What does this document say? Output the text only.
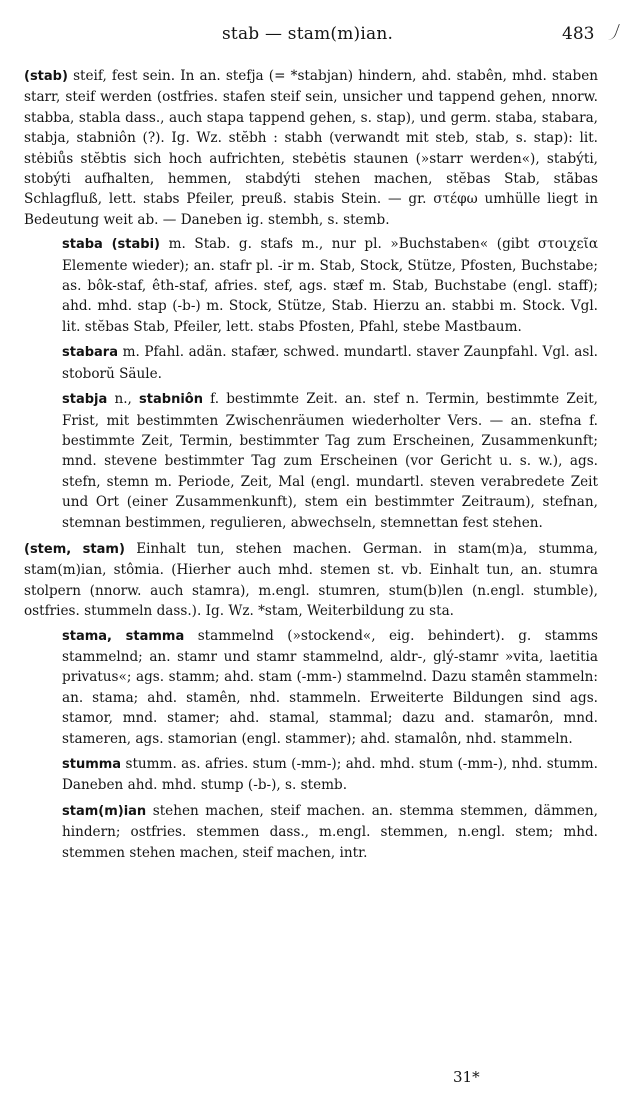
stab — stam(m)ian.	483

(stab) steif, fest sein. In an. stefja (= *stabjan) hindern, ahd. stabên, mhd. staben starr, steif werden (ostfries. stafen steif sein, unsicher und tappend gehen, nnorw. stabba, stabla dass., auch stapa tappend gehen, s. stap), und germ. staba, stabara, stabja, stabniôn (?). Ig. Wz. stĕbh : stabh (verwandt mit steb, stab, s. stap): lit. stėbiůs stĕbtis sich hoch aufrichten, stebėtis staunen (»starr werden«), stabýti, stobýti aufhalten, hemmen, stabdýti stehen machen, stĕbas Stab, stãbas Schlagfluß, lett. stabs Pfeiler, preuß. stabis Stein. — gr. στέφω umhülle liegt in Bedeutung weit ab. — Daneben ig. stembh, s. stemb.

staba (stabi) m. Stab. g. stafs m., nur pl. »Buchstaben« (gibt στοιχεῖα Elemente wieder); an. stafr pl. -ir m. Stab, Stock, Stütze, Pfosten, Buchstabe; as. bôk-staf, êth-staf, afries. stef, ags. stæf m. Stab, Buchstabe (engl. staff); ahd. mhd. stap (-b-) m. Stock, Stütze, Stab. Hierzu an. stabbi m. Stock. Vgl. lit. stĕbas Stab, Pfeiler, lett. stabs Pfosten, Pfahl, stebe Mastbaum.

stabara m. Pfahl. adän. stafær, schwed. mundartl. staver Zaunpfahl. Vgl. asl. stoborŭ Säule.

stabja n., stabniôn f. bestimmte Zeit. an. stef n. Termin, bestimmte Zeit, Frist, mit bestimmten Zwischenräumen wiederholter Vers. — an. stefna f. bestimmte Zeit, Termin, bestimmter Tag zum Erscheinen, Zusammenkunft; mnd. stevene bestimmter Tag zum Erscheinen (vor Gericht u. s. w.), ags. stefn, stemn m. Periode, Zeit, Mal (engl. mundartl. steven verabredete Zeit und Ort (einer Zusammenkunft), stem ein bestimmter Zeitraum), stefnan, stemnan bestimmen, regulieren, abwechseln, stemnettan fest stehen.

(stem, stam) Einhalt tun, stehen machen. German. in stam(m)a, stumma, stam(m)ian, stômia. (Hierher auch mhd. stemen st. vb. Einhalt tun, an. stumra stolpern (nnorw. auch stamra), m.engl. stumren, stum(b)len (n.engl. stumble), ostfries. stummeln dass.). Ig. Wz. *stam, Weiterbildung zu sta.

stama, stamma stammelnd (»stockend«, eig. behindert). g. stamms stammelnd; an. stamr und stamr stammelnd, aldr-, glý-stamr »vita, laetitia privatus«; ags. stamm; ahd. stam (-mm-) stammelnd. Dazu stamên stammeln: an. stama; ahd. stamên, nhd. stammeln. Erweiterte Bildungen sind ags. stamor, mnd. stamer; ahd. stamal, stammal; dazu and. stamarôn, mnd. stameren, ags. stamorian (engl. stammer); ahd. stamalôn, nhd. stammeln.

stumma stumm. as. afries. stum (-mm-); ahd. mhd. stum (-mm-), nhd. stumm. Daneben ahd. mhd. stump (-b-), s. stemb.

stam(m)ian stehen machen, steif machen. an. stemma stemmen, dämmen, hindern; ostfries. stemmen dass., m.engl. stemmen, n.engl. stem; mhd. stemmen stehen machen, steif machen, intr.

31*
